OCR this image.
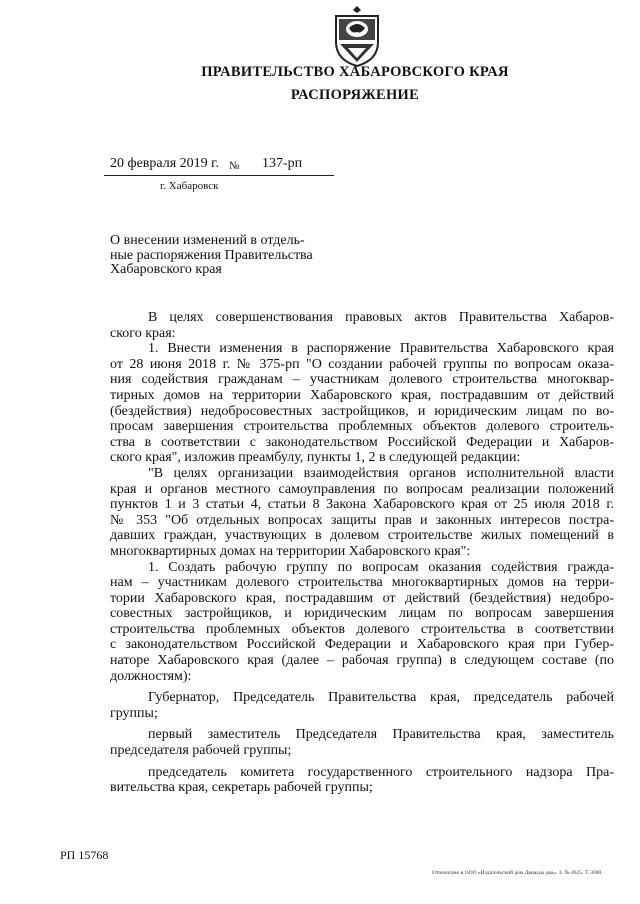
ПРАВИТЕЛЬСТВО ХАБАРОВСКОГО КРАЯ
РАСПОРЯЖЕНИЕ
20 февраля 2019 г. № 137-рп
г. Хабаровск

О внесении изменений в отдель-
ные распоряжения Правительства
Хабаровского края

В целях совершенствования правовых актов Правительства Хабаров-
ского края:

1. Внести изменения в распоряжение Правительства Хабаровского края
от 28 июня 2018 г. № 375-рп "О создании рабочей группы по вопросам оказа-
ния содействия гражданам – участникам долевого строительства многоквар-
тирных домов на территории Хабаровского края, пострадавшим от действий
(бездействия) недобросовестных застройщиков, и юридическим лицам по во-
просам завершения строительства проблемных объектов долевого строитель-
ства в соответствии с законодательством Российской Федерации и Хабаров-
ского края", изложив преамбулу, пункты 1, 2 в следующей редакции:

"В целях организации взаимодействия органов исполнительной власти
края и органов местного самоуправления по вопросам реализации положений
пунктов 1 и 3 статьи 4, статьи 8 Закона Хабаровского края от 25 июля 2018 г.
№ 353 "Об отдельных вопросах защиты прав и законных интересов постра-
давших граждан, участвующих в долевом строительстве жилых помещений в
многоквартирных домах на территории Хабаровского края":

1. Создать рабочую группу по вопросам оказания содействия гражда-
нам – участникам долевого строительства многоквартирных домов на терри-
тории Хабаровского края, пострадавшим от действий (бездействия) недобро-
совестных застройщиков, и юридическим лицам по вопросам завершения
строительства проблемных объектов долевого строительства в соответствии
с законодательством Российской Федерации и Хабаровского края при Губер-
наторе Хабаровского края (далее – рабочая группа) в следующем составе (по
должностям):

Губернатор, Председатель Правительства края, председатель рабочей
группы;

первый заместитель Председателя Правительства края, заместитель
председателя рабочей группы;

председатель комитета государственного строительного надзора Пра-
вительства края, секретарь рабочей группы;

РП 15768
Отпечатано в ООО «Издательский дом Движды два». З. № 4625. Т. 3000.
